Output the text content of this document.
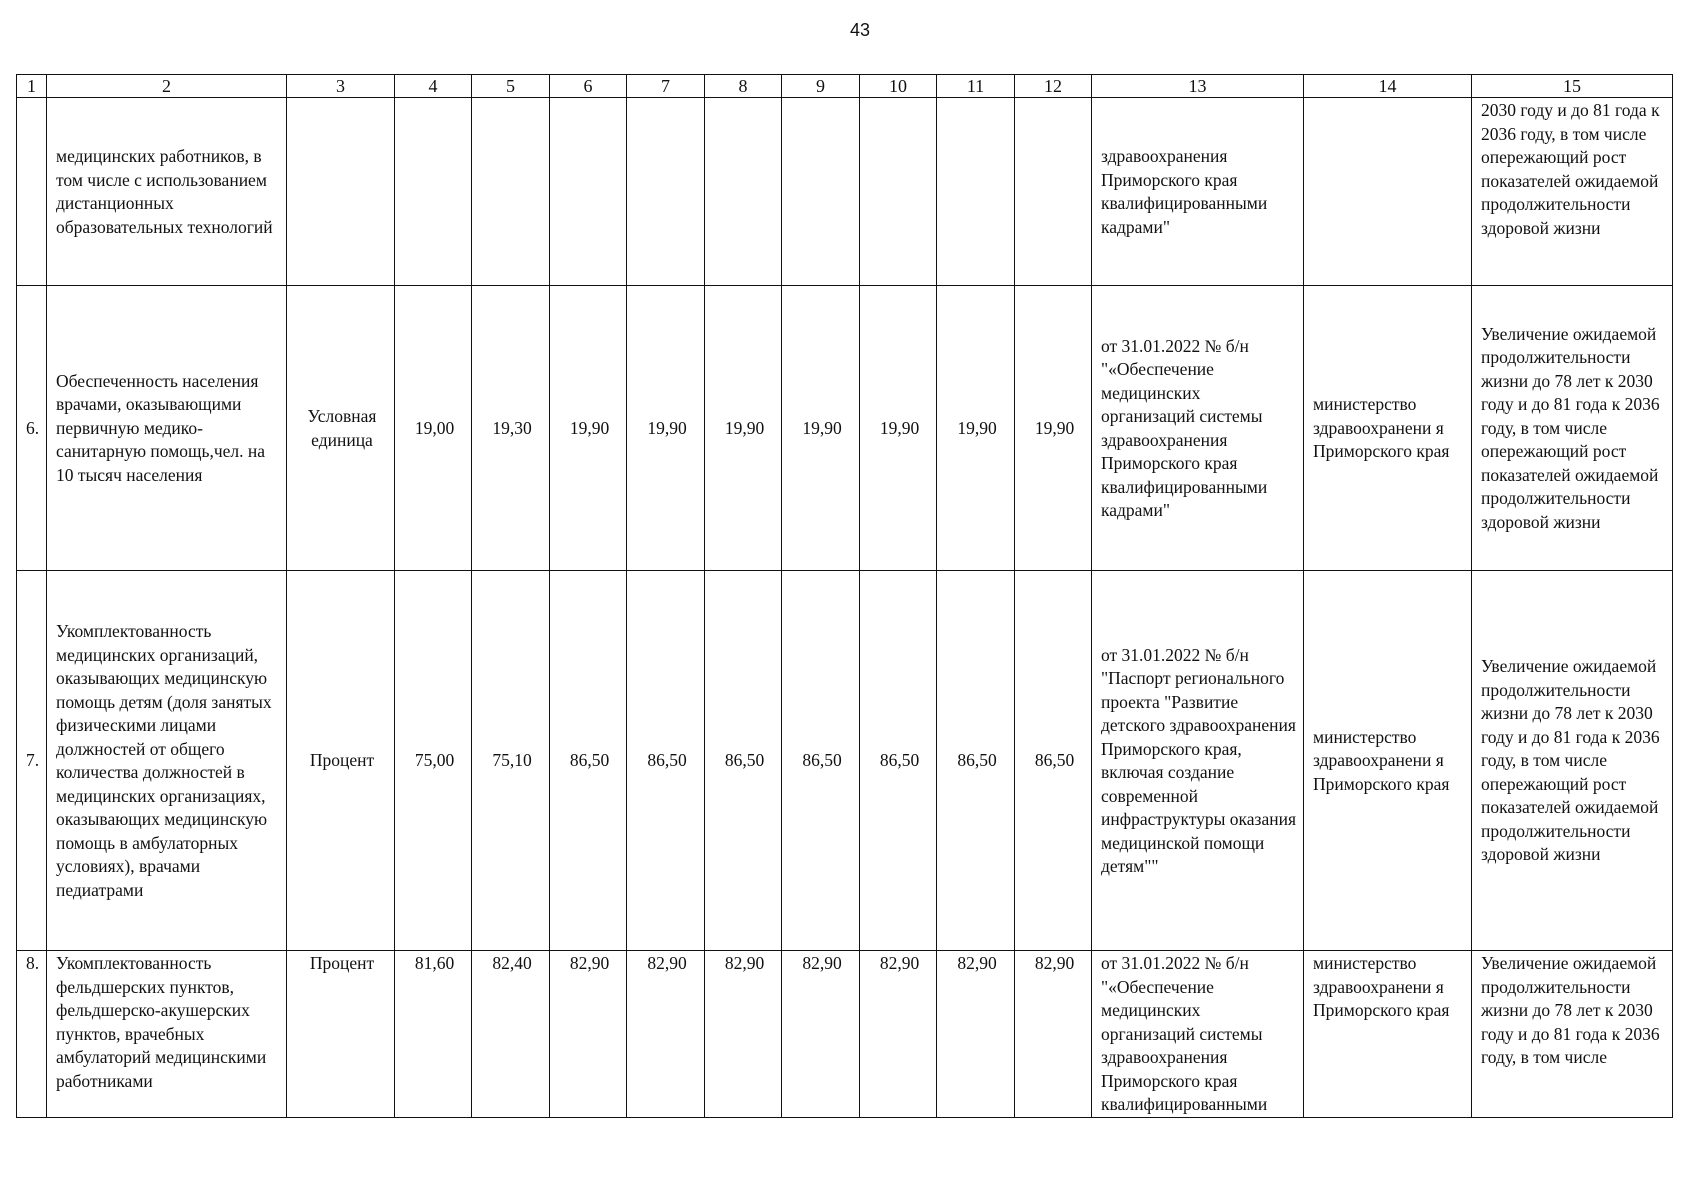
43
1	2	3	4	5	6	7	8	9	10	11	12	13	14	15
	медицинских работников, в том числе с использованием дистанционных образовательных технологий											здравоохранения Приморского края квалифицированными кадрами"		2030 году и до 81 года к 2036 году, в том числе опережающий рост показателей ожидаемой продолжительности здоровой жизни
6.	Обеспеченность населения врачами, оказывающими первичную медико-санитарную помощь,чел. на 10 тысяч населения	Условная единица	19,00	19,30	19,90	19,90	19,90	19,90	19,90	19,90	19,90	от 31.01.2022 № б/н "«Обеспечение медицинских организаций системы здравоохранения Приморского края квалифицированными кадрами"	министерство здравоохранени я Приморского края	Увеличение ожидаемой продолжительности жизни до 78 лет к 2030 году и до 81 года к 2036 году, в том числе опережающий рост показателей ожидаемой продолжительности здоровой жизни
7.	Укомплектованность медицинских организаций, оказывающих медицинскую помощь детям (доля занятых физическими лицами должностей от общего количества должностей в медицинских организациях, оказывающих медицинскую помощь в амбулаторных условиях), врачами педиатрами	Процент	75,00	75,10	86,50	86,50	86,50	86,50	86,50	86,50	86,50	от 31.01.2022 № б/н "Паспорт регионального проекта "Развитие детского здравоохранения Приморского края, включая создание современной инфраструктуры оказания медицинской помощи детям""	министерство здравоохранени я Приморского края	Увеличение ожидаемой продолжительности жизни до 78 лет к 2030 году и до 81 года к 2036 году, в том числе опережающий рост показателей ожидаемой продолжительности здоровой жизни
8.	Укомплектованность фельдшерских пунктов, фельдшерско-акушерских пунктов, врачебных амбулаторий медицинскими работниками	Процент	81,60	82,40	82,90	82,90	82,90	82,90	82,90	82,90	82,90	от 31.01.2022 № б/н "«Обеспечение медицинских организаций системы здравоохранения Приморского края квалифицированными	министерство здравоохранени я Приморского края	Увеличение ожидаемой продолжительности жизни до 78 лет к 2030 году и до 81 года к 2036 году, в том числе
